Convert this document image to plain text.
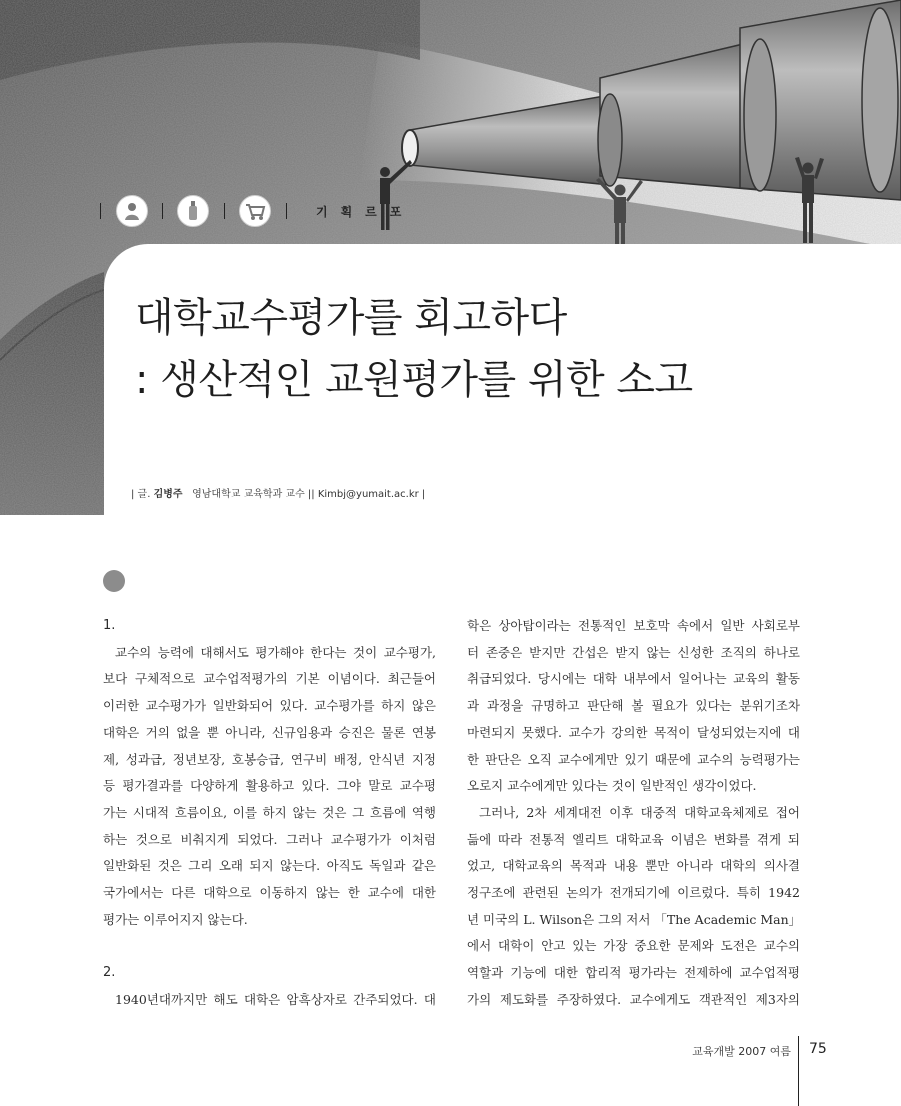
기획르포
대학교수평가를 회고하다
: 생산적인 교원평가를 위한 소고
| 글. 김병주 영남대학교 교육학과 교수 || Kimbj@yumait.ac.kr |
1.
교수의 능력에 대해서도 평가해야 한다는 것이 교수평가,
보다 구체적으로 교수업적평가의 기본 이념이다. 최근들어
이러한 교수평가가 일반화되어 있다. 교수평가를 하지 않은
대학은 거의 없을 뿐 아니라, 신규임용과 승진은 물론 연봉
제, 성과급, 정년보장, 호봉승급, 연구비 배정, 안식년 지정
등 평가결과를 다양하게 활용하고 있다. 그야 말로 교수평
가는 시대적 흐름이요, 이를 하지 않는 것은 그 흐름에 역행
하는 것으로 비춰지게 되었다. 그러나 교수평가가 이처럼
일반화된 것은 그리 오래 되지 않는다. 아직도 독일과 같은
국가에서는 다른 대학으로 이동하지 않는 한 교수에 대한

평가는 이루어지지 않는다.

2.
1940년대까지만 해도 대학은 암흑상자로 간주되었다. 대
학은 상아탑이라는 전통적인 보호막 속에서 일반 사회로부
터 존중은 받지만 간섭은 받지 않는 신성한 조직의 하나로
취급되었다. 당시에는 대학 내부에서 일어나는 교육의 활동
과 과정을 규명하고 판단해 볼 필요가 있다는 분위기조차
마련되지 못했다. 교수가 강의한 목적이 달성되었는지에 대
한 판단은 오직 교수에게만 있기 때문에 교수의 능력평가는

오로지 교수에게만 있다는 것이 일반적인 생각이었다.

그러나, 2차 세계대전 이후 대중적 대학교육체제로 접어
듦에 따라 전통적 엘리트 대학교육 이념은 변화를 겪게 되
었고, 대학교육의 목적과 내용 뿐만 아니라 대학의 의사결
정구조에 관련된 논의가 전개되기에 이르렀다. 특히 1942
년 미국의 L. Wilson은 그의 저서 「The Academic Man」
에서 대학이 안고 있는 가장 중요한 문제와 도전은 교수의
역할과 기능에 대한 합리적 평가라는 전제하에 교수업적평
가의 제도화를 주장하였다. 교수에게도 객관적인 제3자의
교육개발 2007 여름 75
